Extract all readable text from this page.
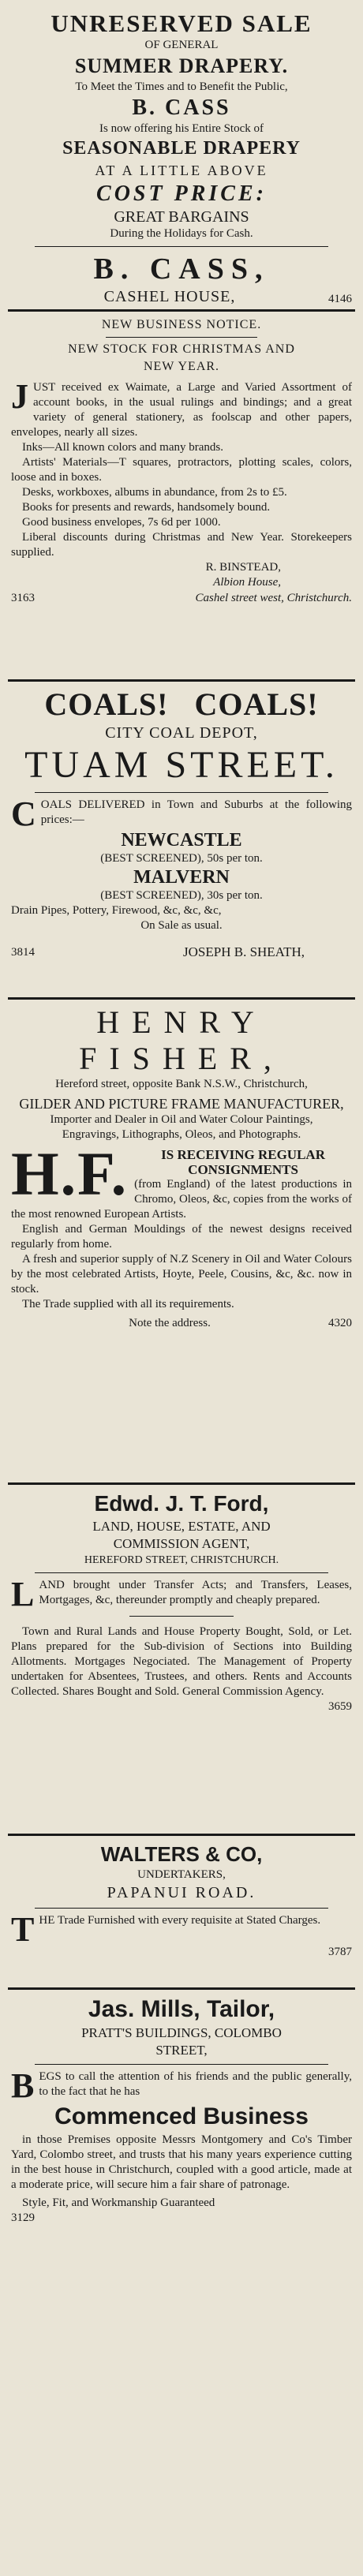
UNRESERVED SALE

OF GENERAL

SUMMER DRAPERY.

To Meet the Times and to Benefit the Public,

B. CASS

Is now offering his Entire Stock of

SEASONABLE DRAPERY

AT A LITTLE ABOVE

COST PRICE:

GREAT BARGAINS

During the Holidays for Cash.

B. CASS,

CASHEL HOUSE,	4146

NEW BUSINESS NOTICE.

NEW STOCK FOR CHRISTMAS AND

NEW YEAR.

J UST received ex Waimate, a Large and Varied Assortment of account books, in the usual rulings and bindings; and a great variety of general stationery, as foolscap and other papers, envelopes, nearly all sizes.

Inks—All known colors and many brands.

Artists' Materials—T squares, protractors, plotting scales, colors, loose and in boxes.

Desks, workboxes, albums in abundance, from 2s to £5.

Books for presents and rewards, handsomely bound.

Good business envelopes, 7s 6d per 1000.

Liberal discounts during Christmas and New Year. Storekeepers supplied.

R. BINSTEAD,

Albion House,

3163	Cashel street west, Christchurch.

COALS!   COALS!

CITY COAL DEPOT,

TUAM STREET.

C OALS DELIVERED in Town and Suburbs at the following prices:—

NEWCASTLE

(BEST SCREENED), 50s per ton.

MALVERN

(BEST SCREENED), 30s per ton.

Drain Pipes, Pottery, Firewood, &c, &c, &c,

On Sale as usual.

3814	JOSEPH B. SHEATH,

HENRY FISHER,

Hereford street, opposite Bank N.S.W., Christchurch,

GILDER AND PICTURE FRAME MANUFACTURER,

Importer and Dealer in Oil and Water Colour Paintings,

Engravings, Lithographs, Oleos, and Photographs.

H.F.	IS RECEIVING REGULAR

CONSIGNMENTS

(from England) of the latest productions in Chromo, Oleos, &c, copies from the works of the most renowned European Artists.

English and German Mouldings of the newest designs received regularly from home.

A fresh and superior supply of N.Z Scenery in Oil and Water Colours by the most celebrated Artists, Hoyte, Peele, Cousins, &c, &c. now in stock.

The Trade supplied with all its requirements.

Note the address.	4320

Edwd. J. T. Ford,

LAND, HOUSE, ESTATE, AND

COMMISSION AGENT,

HEREFORD STREET, CHRISTCHURCH.

L AND brought under Transfer Acts; and Transfers, Leases, Mortgages, &c, thereunder promptly and cheaply prepared.

Town and Rural Lands and House Property Bought, Sold, or Let. Plans prepared for the Sub-division of Sections into Building Allotments. Mortgages Negociated. The Management of Property undertaken for Absentees, Trustees, and others. Rents and Accounts Collected. Shares Bought and Sold. General Commission Agency.

3659

WALTERS & CO,

UNDERTAKERS,

PAPANUI ROAD.

T HE Trade Furnished with every requisite at Stated Charges.

3787

Jas. Mills, Tailor,

PRATT'S BUILDINGS, COLOMBO

STREET,

B EGS to call the attention of his friends and the public generally, to the fact that he has

Commenced Business

in those Premises opposite Messrs Montgomery and Co's Timber Yard, Colombo street, and trusts that his many years experience cutting in the best house in Christchurch, coupled with a good article, made at a moderate price, will secure him a fair share of patronage.

Style, Fit, and Workmanship Guaranteed

3129
